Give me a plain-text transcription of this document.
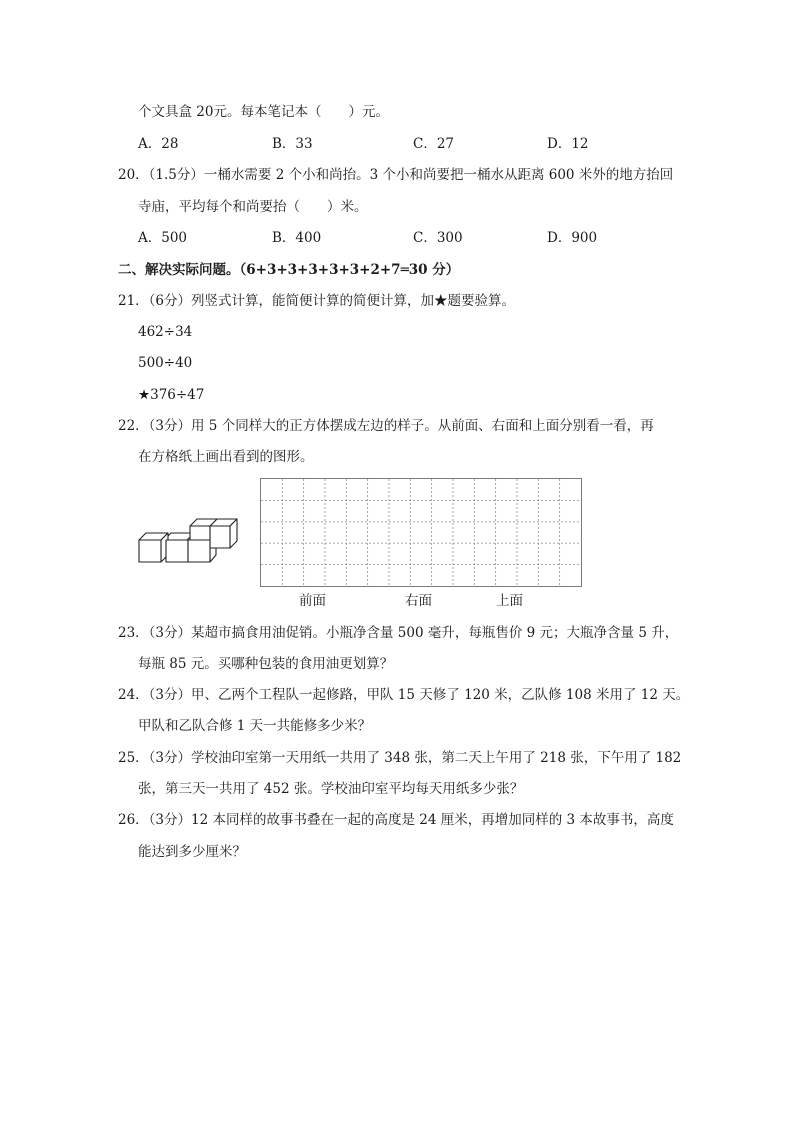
个文具盒 20元。每本笔记本（　　）元。
A．28	B．33	C．27	D．12
20．（1.5分）一桶水需要 2 个小和尚抬。3 个小和尚要把一桶水从距离 600 米外的地方抬回
寺庙，平均每个和尚要抬（　　）米。
A．500	B．400	C．300	D．900
二、解决实际问题。（6+3+3+3+3+3+2+7═30 分）
21．（6分）列竖式计算，能简便计算的简便计算，加★题要验算。
462÷34
500÷40
★376÷47
22．（3分）用 5 个同样大的正方体摆成左边的样子。从前面、右面和上面分别看一看，再
在方格纸上画出看到的图形。
前面	右面	上面
23．（3分）某超市搞食用油促销。小瓶净含量 500 毫升，每瓶售价 9 元；大瓶净含量 5 升，
每瓶 85 元。买哪种包装的食用油更划算？
24．（3分）甲、乙两个工程队一起修路，甲队 15 天修了 120 米，乙队修 108 米用了 12 天。
甲队和乙队合修 1 天一共能修多少米？
25．（3分）学校油印室第一天用纸一共用了 348 张，第二天上午用了 218 张，下午用了 182
张，第三天一共用了 452 张。学校油印室平均每天用纸多少张？
26．（3分）12 本同样的故事书叠在一起的高度是 24 厘米，再增加同样的 3 本故事书，高度
能达到多少厘米？
